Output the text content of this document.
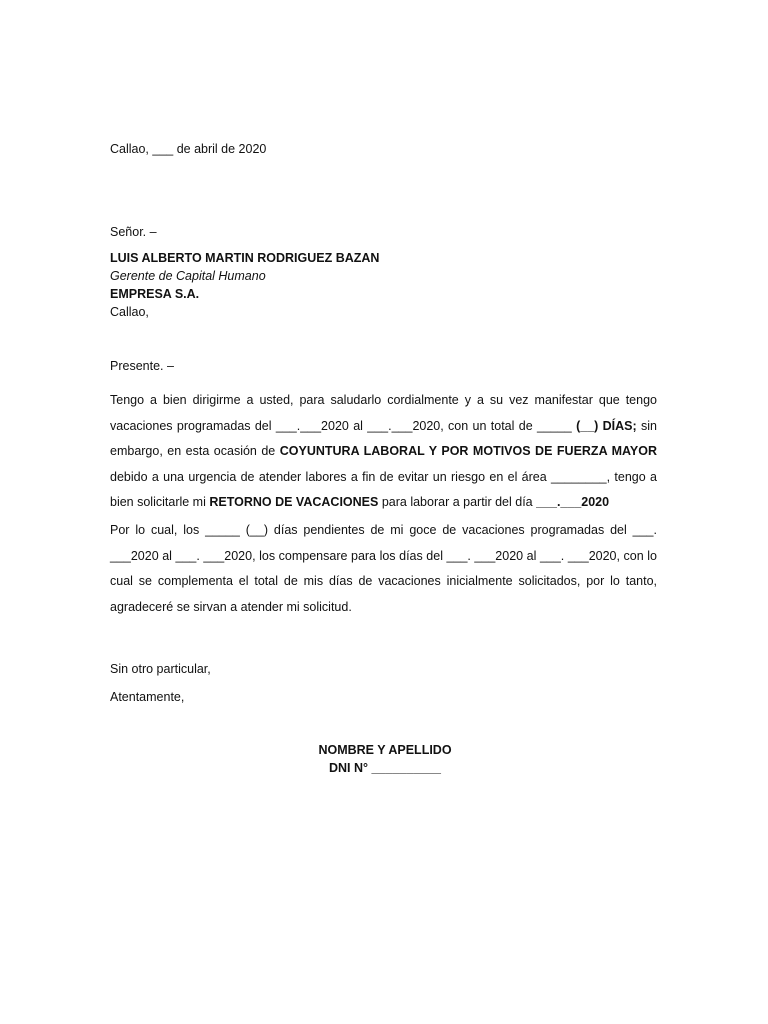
Callao, ___ de abril de 2020
Señor. –
LUIS ALBERTO MARTIN RODRIGUEZ BAZAN
Gerente de Capital Humano
EMPRESA S.A.
Callao,
Presente. –
Tengo a bien dirigirme a usted, para saludarlo cordialmente y a su vez manifestar que tengo vacaciones programadas del ___.___2020 al ___.___2020, con un total de _____ (__) DÍAS; sin embargo, en esta ocasión de COYUNTURA LABORAL Y POR MOTIVOS DE FUERZA MAYOR debido a una urgencia de atender labores a fin de evitar un riesgo en el área ________, tengo a bien solicitarle mi RETORNO DE VACACIONES para laborar a partir del día ___.___2020
Por lo cual, los _____ (__) días pendientes de mi goce de vacaciones programadas del ___. ___2020 al ___. ___2020, los compensare para los días del ___. ___2020 al ___. ___2020, con lo cual se complementa el total de mis días de vacaciones inicialmente solicitados, por lo tanto, agradeceré se sirvan a atender mi solicitud.
Sin otro particular,
Atentamente,
NOMBRE Y APELLIDO
DNI N° __________
